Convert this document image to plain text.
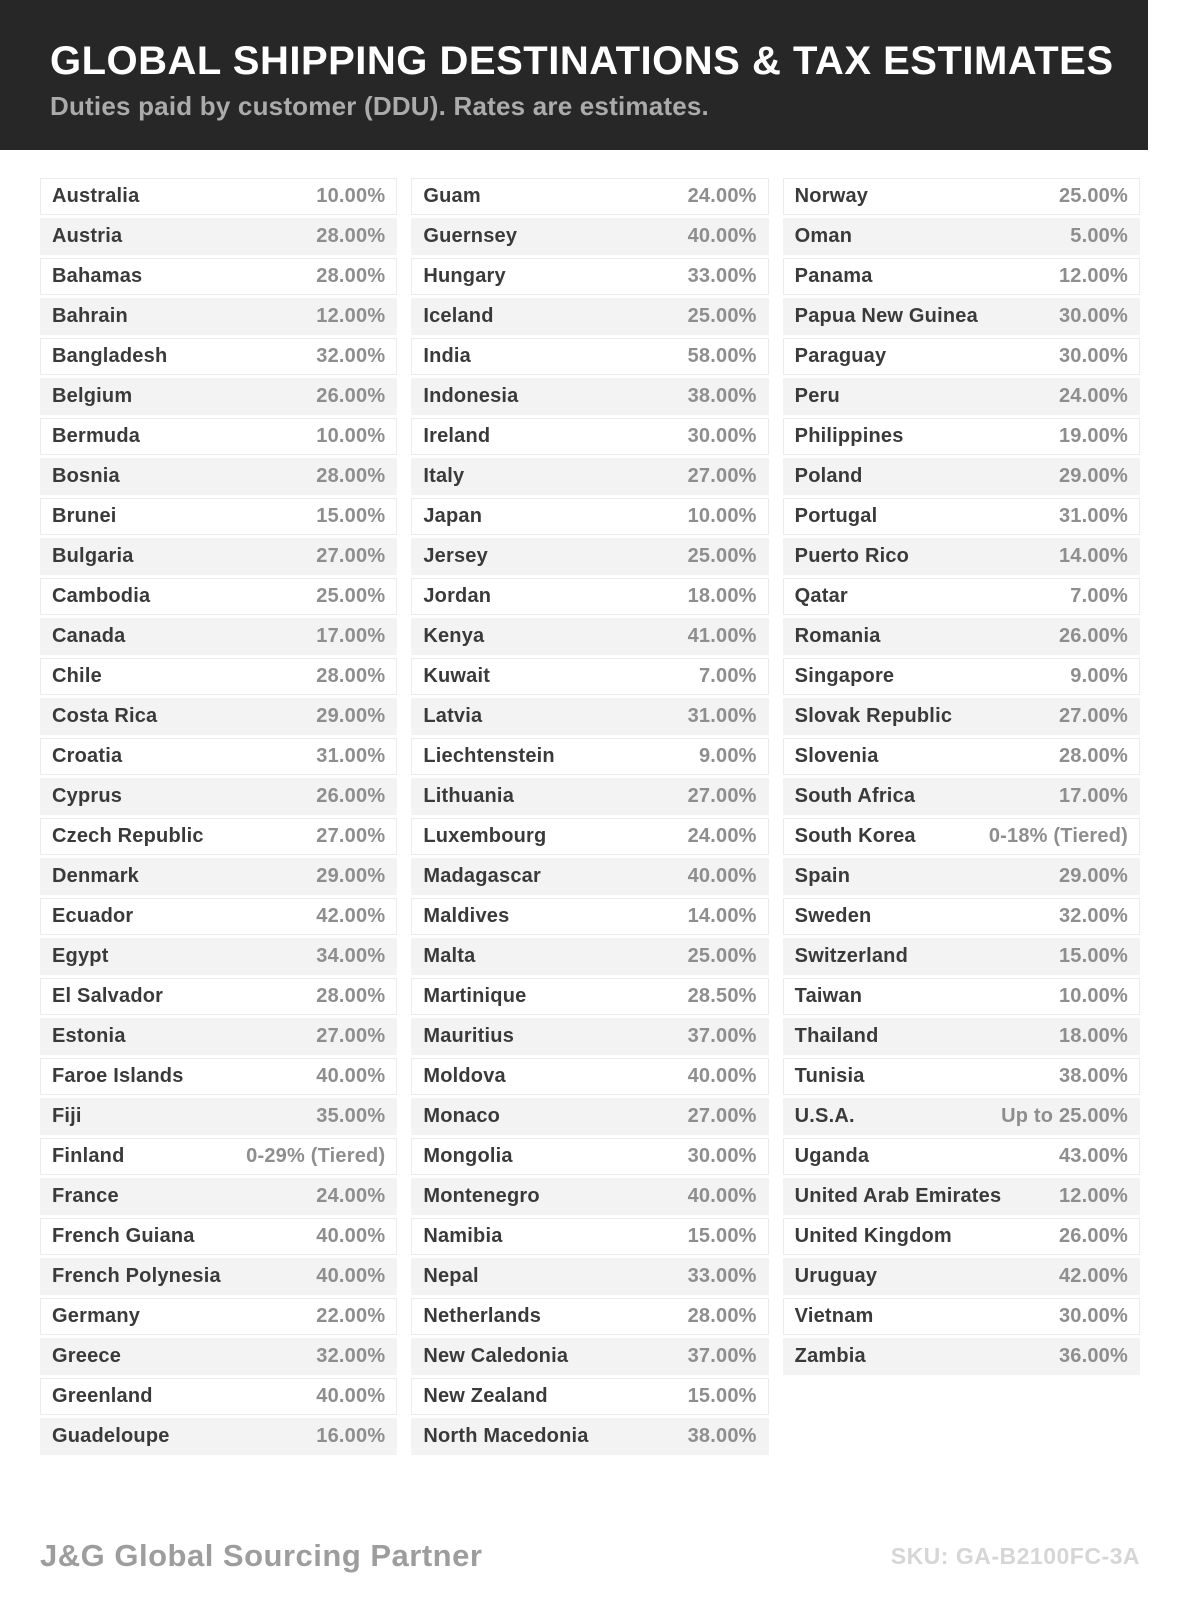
GLOBAL SHIPPING DESTINATIONS & TAX ESTIMATES

Duties paid by customer (DDU). Rates are estimates.

Australia	10.00%
Austria	28.00%
Bahamas	28.00%
Bahrain	12.00%
Bangladesh	32.00%
Belgium	26.00%
Bermuda	10.00%
Bosnia	28.00%
Brunei	15.00%
Bulgaria	27.00%
Cambodia	25.00%
Canada	17.00%
Chile	28.00%
Costa Rica	29.00%
Croatia	31.00%
Cyprus	26.00%
Czech Republic	27.00%
Denmark	29.00%
Ecuador	42.00%
Egypt	34.00%
El Salvador	28.00%
Estonia	27.00%
Faroe Islands	40.00%
Fiji	35.00%
Finland	0-29% (Tiered)
France	24.00%
French Guiana	40.00%
French Polynesia	40.00%
Germany	22.00%
Greece	32.00%
Greenland	40.00%
Guadeloupe	16.00%
Guam	24.00%
Guernsey	40.00%
Hungary	33.00%
Iceland	25.00%
India	58.00%
Indonesia	38.00%
Ireland	30.00%
Italy	27.00%
Japan	10.00%
Jersey	25.00%
Jordan	18.00%
Kenya	41.00%
Kuwait	7.00%
Latvia	31.00%
Liechtenstein	9.00%
Lithuania	27.00%
Luxembourg	24.00%
Madagascar	40.00%
Maldives	14.00%
Malta	25.00%
Martinique	28.50%
Mauritius	37.00%
Moldova	40.00%
Monaco	27.00%
Mongolia	30.00%
Montenegro	40.00%
Namibia	15.00%
Nepal	33.00%
Netherlands	28.00%
New Caledonia	37.00%
New Zealand	15.00%
North Macedonia	38.00%
Norway	25.00%
Oman	5.00%
Panama	12.00%
Papua New Guinea	30.00%
Paraguay	30.00%
Peru	24.00%
Philippines	19.00%
Poland	29.00%
Portugal	31.00%
Puerto Rico	14.00%
Qatar	7.00%
Romania	26.00%
Singapore	9.00%
Slovak Republic	27.00%
Slovenia	28.00%
South Africa	17.00%
South Korea	0-18% (Tiered)
Spain	29.00%
Sweden	32.00%
Switzerland	15.00%
Taiwan	10.00%
Thailand	18.00%
Tunisia	38.00%
U.S.A.	Up to 25.00%
Uganda	43.00%
United Arab Emirates	12.00%
United Kingdom	26.00%
Uruguay	42.00%
Vietnam	30.00%
Zambia	36.00%
J&G Global Sourcing Partner	SKU: GA-B2100FC-3A
